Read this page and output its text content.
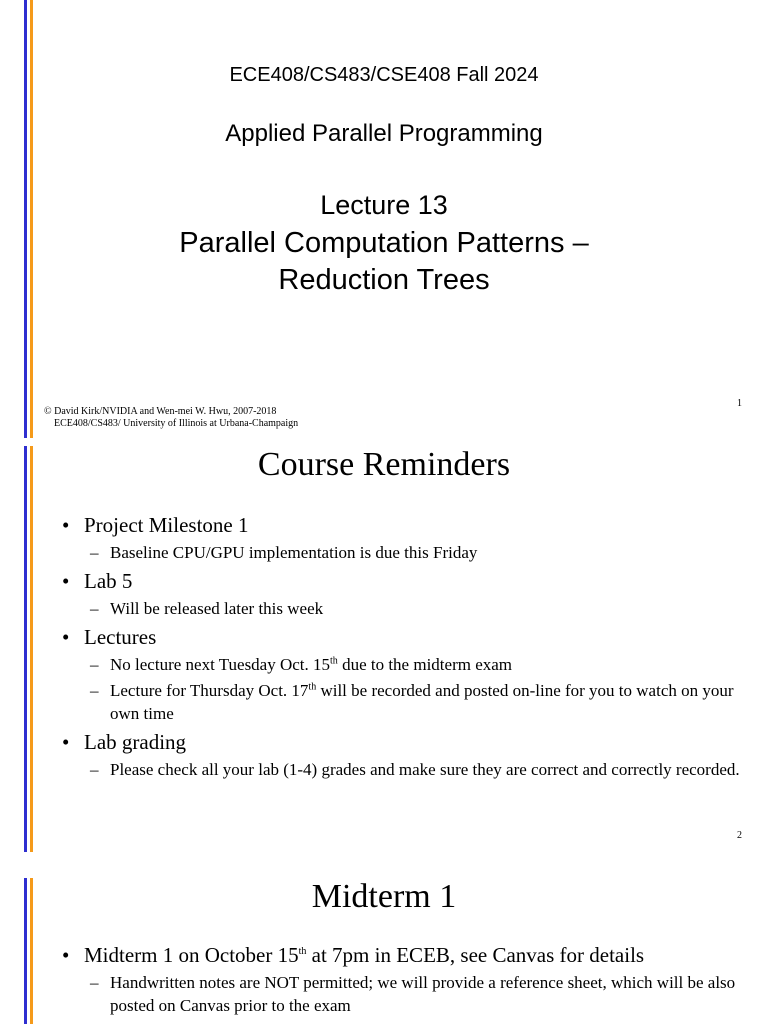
ECE408/CS483/CSE408 Fall 2024
Applied Parallel Programming
Lecture 13
Parallel Computation Patterns –
Reduction Trees
© David Kirk/NVIDIA and Wen-mei W. Hwu, 2007-2018
ECE408/CS483/ University of Illinois at Urbana-Champaign
1
Course Reminders
• Project Milestone 1
– Baseline CPU/GPU implementation is due this Friday
• Lab 5
– Will be released later this week
• Lectures
– No lecture next Tuesday Oct. 15th due to the midterm exam
– Lecture for Thursday Oct. 17th will be recorded and posted on-line for you to watch on your own time
• Lab grading
– Please check all your lab (1-4) grades and make sure they are correct and correctly recorded.
2
Midterm 1
• Midterm 1 on October 15th at 7pm in ECEB, see Canvas for details
– Handwritten notes are NOT permitted; we will provide a reference sheet, which will be also posted on Canvas prior to the exam
